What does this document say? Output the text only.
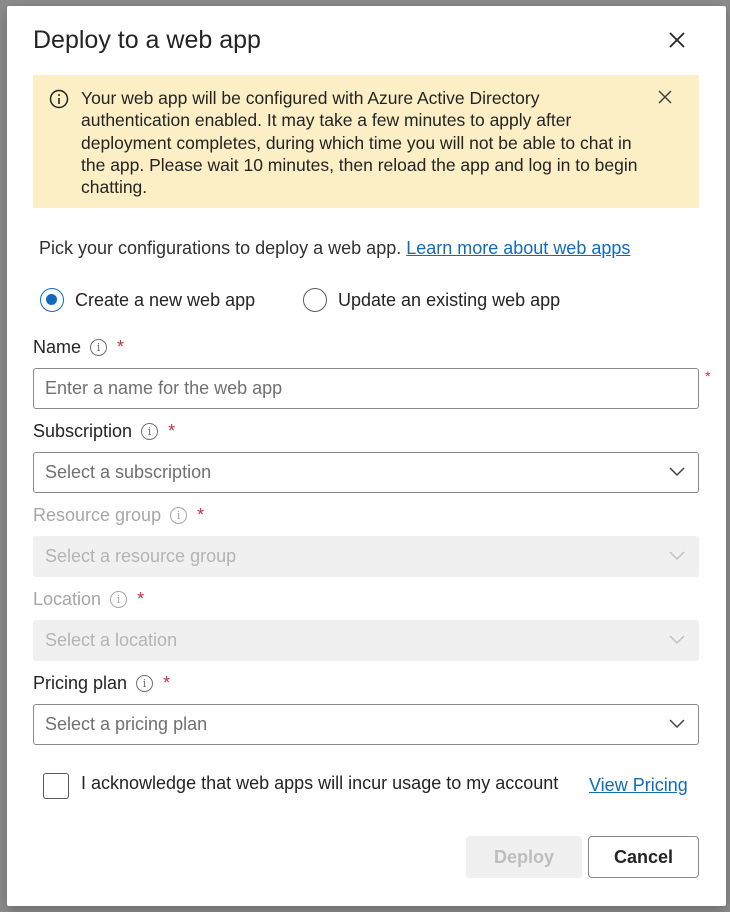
Deploy to a web app
Your web app will be configured with Azure Active Directory authentication enabled. It may take a few minutes to apply after deployment completes, during which time you will not be able to chat in the app. Please wait 10 minutes, then reload the app and log in to begin chatting.
Pick your configurations to deploy a web app. Learn more about web apps
Create a new web app	Update an existing web app
Name	i *
Enter a name for the web app
*
Subscription	i *
Select a subscription
Resource group	i *
Select a resource group
Location	i *
Select a location
Pricing plan	i *
Select a pricing plan
I acknowledge that web apps will incur usage to my account View Pricing
Deploy	Cancel
